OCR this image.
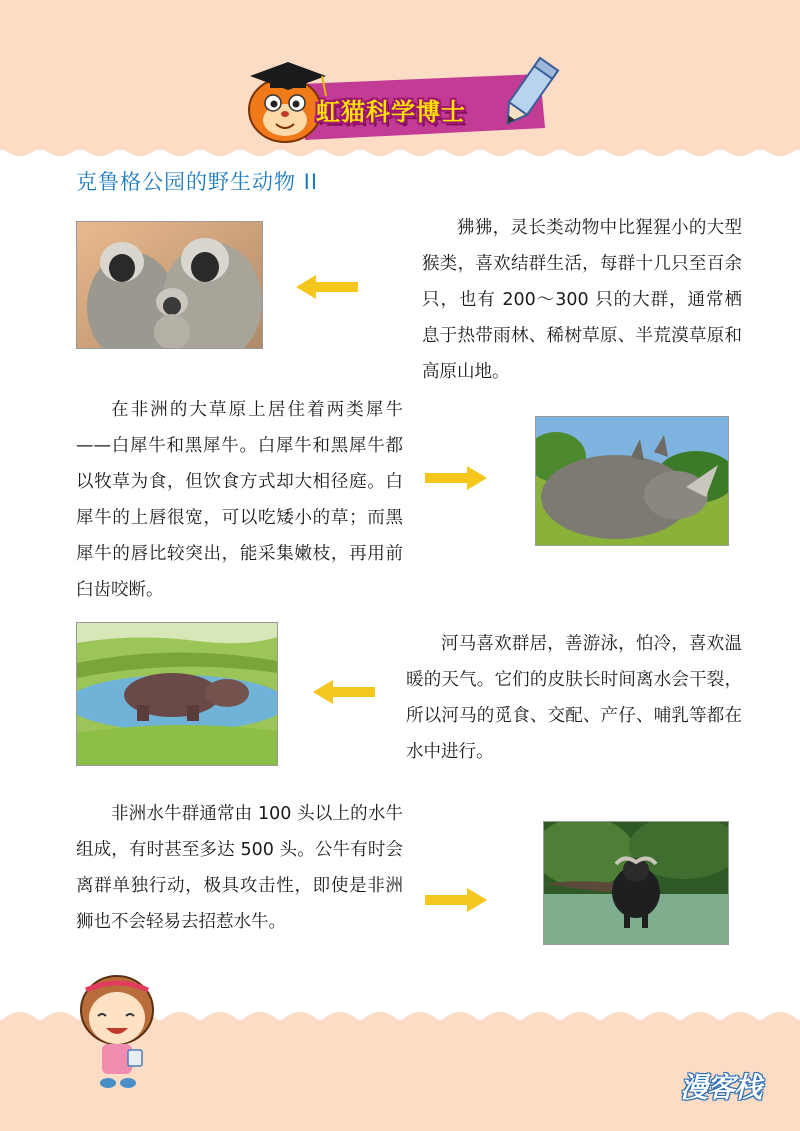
虹猫科学博士
克鲁格公园的野生动物 II

狒狒，灵长类动物中比猩猩小的大型猴类，喜欢结群生活，每群十几只至百余只，也有 200～300 只的大群，通常栖息于热带雨林、稀树草原、半荒漠草原和高原山地。

在非洲的大草原上居住着两类犀牛——白犀牛和黑犀牛。白犀牛和黑犀牛都以牧草为食，但饮食方式却大相径庭。白犀牛的上唇很宽，可以吃矮小的草；而黑犀牛的唇比较突出，能采集嫩枝，再用前臼齿咬断。

河马喜欢群居，善游泳，怕冷，喜欢温暖的天气。它们的皮肤长时间离水会干裂，所以河马的觅食、交配、产仔、哺乳等都在水中进行。

非洲水牛群通常由 100 头以上的水牛组成，有时甚至多达 500 头。公牛有时会离群单独行动，极具攻击性，即使是非洲狮也不会轻易去招惹水牛。

漫客栈
